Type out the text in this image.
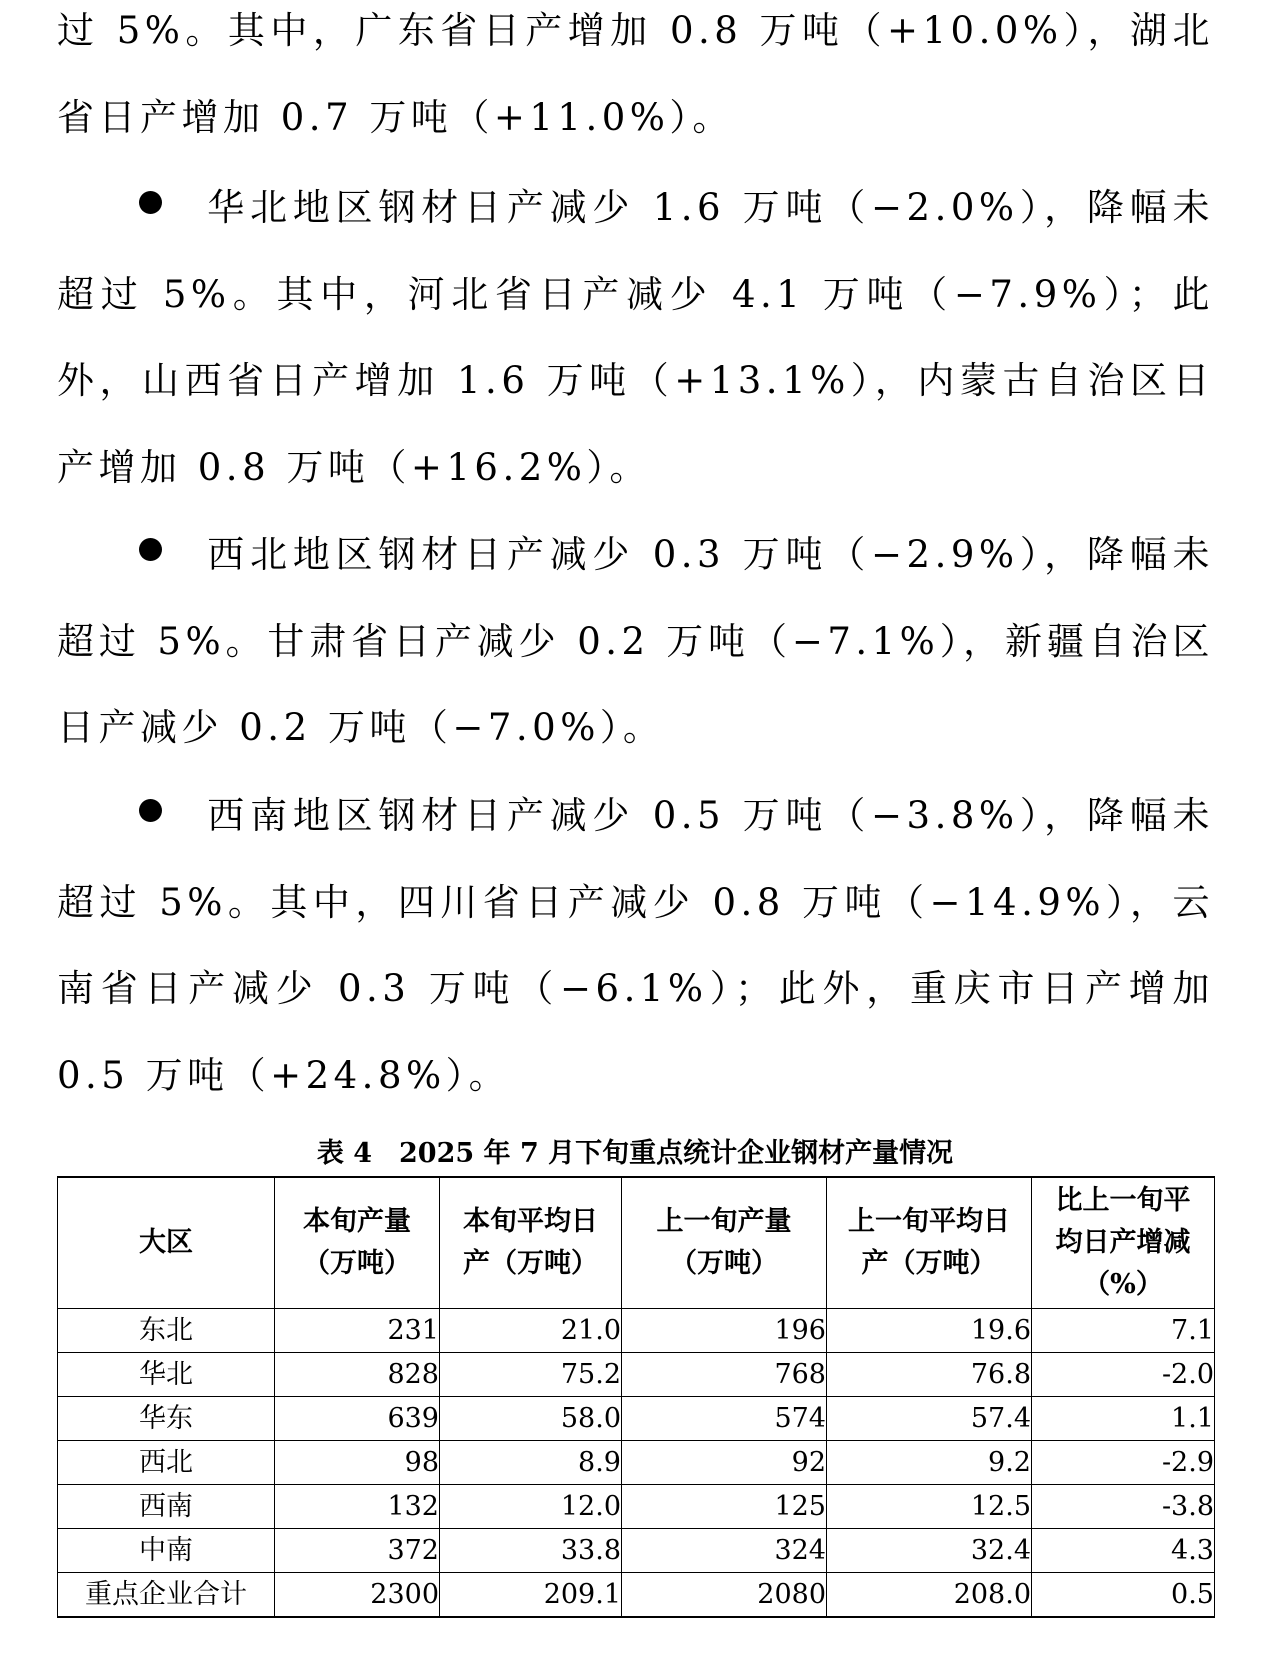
过 5%。其中，广东省日产增加 0.8 万吨（+10.0%），湖北省日产增加 0.7 万吨（+11.0%）。

华北地区钢材日产减少 1.6 万吨（−2.0%），降幅未超过 5%。其中，河北省日产减少 4.1 万吨（−7.9%）；此外，山西省日产增加 1.6 万吨（+13.1%），内蒙古自治区日产增加 0.8 万吨（+16.2%）。

西北地区钢材日产减少 0.3 万吨（−2.9%），降幅未超过 5%。甘肃省日产减少 0.2 万吨（−7.1%），新疆自治区日产减少 0.2 万吨（−7.0%）。

西南地区钢材日产减少 0.5 万吨（−3.8%），降幅未超过 5%。其中，四川省日产减少 0.8 万吨（−14.9%），云南省日产减少 0.3 万吨（−6.1%）；此外，重庆市日产增加 0.5 万吨（+24.8%）。

表 4　2025 年 7 月下旬重点统计企业钢材产量情况
大区	本旬产量（万吨）	本旬平均日产（万吨）	上一旬产量（万吨）	上一旬平均日产（万吨）	比上一旬平均日产增减（%）
东北	231	21.0	196	19.6	7.1
华北	828	75.2	768	76.8	-2.0
华东	639	58.0	574	57.4	1.1
西北	98	8.9	92	9.2	-2.9
西南	132	12.0	125	12.5	-3.8
中南	372	33.8	324	32.4	4.3
重点企业合计	2300	209.1	2080	208.0	0.5
